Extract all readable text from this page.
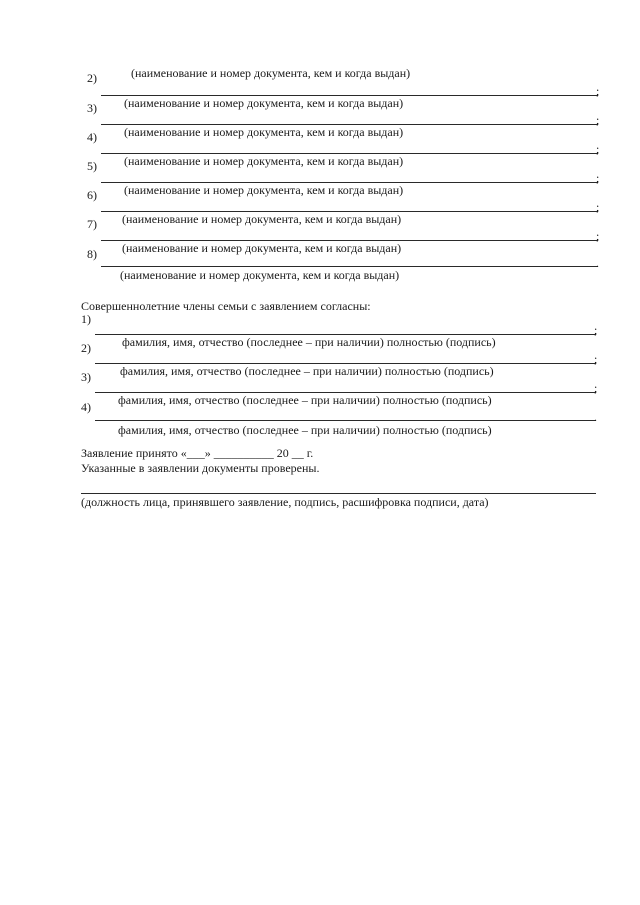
(наименование и номер документа, кем и когда выдан)
2)
;
(наименование и номер документа, кем и когда выдан)
3)
;
(наименование и номер документа, кем и когда выдан)
4)
;
(наименование и номер документа, кем и когда выдан)
5)
;
(наименование и номер документа, кем и когда выдан)
6)
;
(наименование и номер документа, кем и когда выдан)
7)
;
(наименование и номер документа, кем и когда выдан)
8)
.
(наименование и номер документа, кем и когда выдан)
Совершеннолетние члены семьи с заявлением согласны:
1)
;
фамилия, имя, отчество (последнее – при наличии) полностью (подпись)
2)
;
фамилия, имя, отчество (последнее – при наличии) полностью (подпись)
3)
;
фамилия, имя, отчество (последнее – при наличии) полностью (подпись)
4)
.
фамилия, имя, отчество (последнее – при наличии) полностью (подпись)
Заявление принято «___» __________ 20 __ г.
Указанные в заявлении документы проверены.
(должность лица, принявшего заявление, подпись, расшифровка подписи, дата)
